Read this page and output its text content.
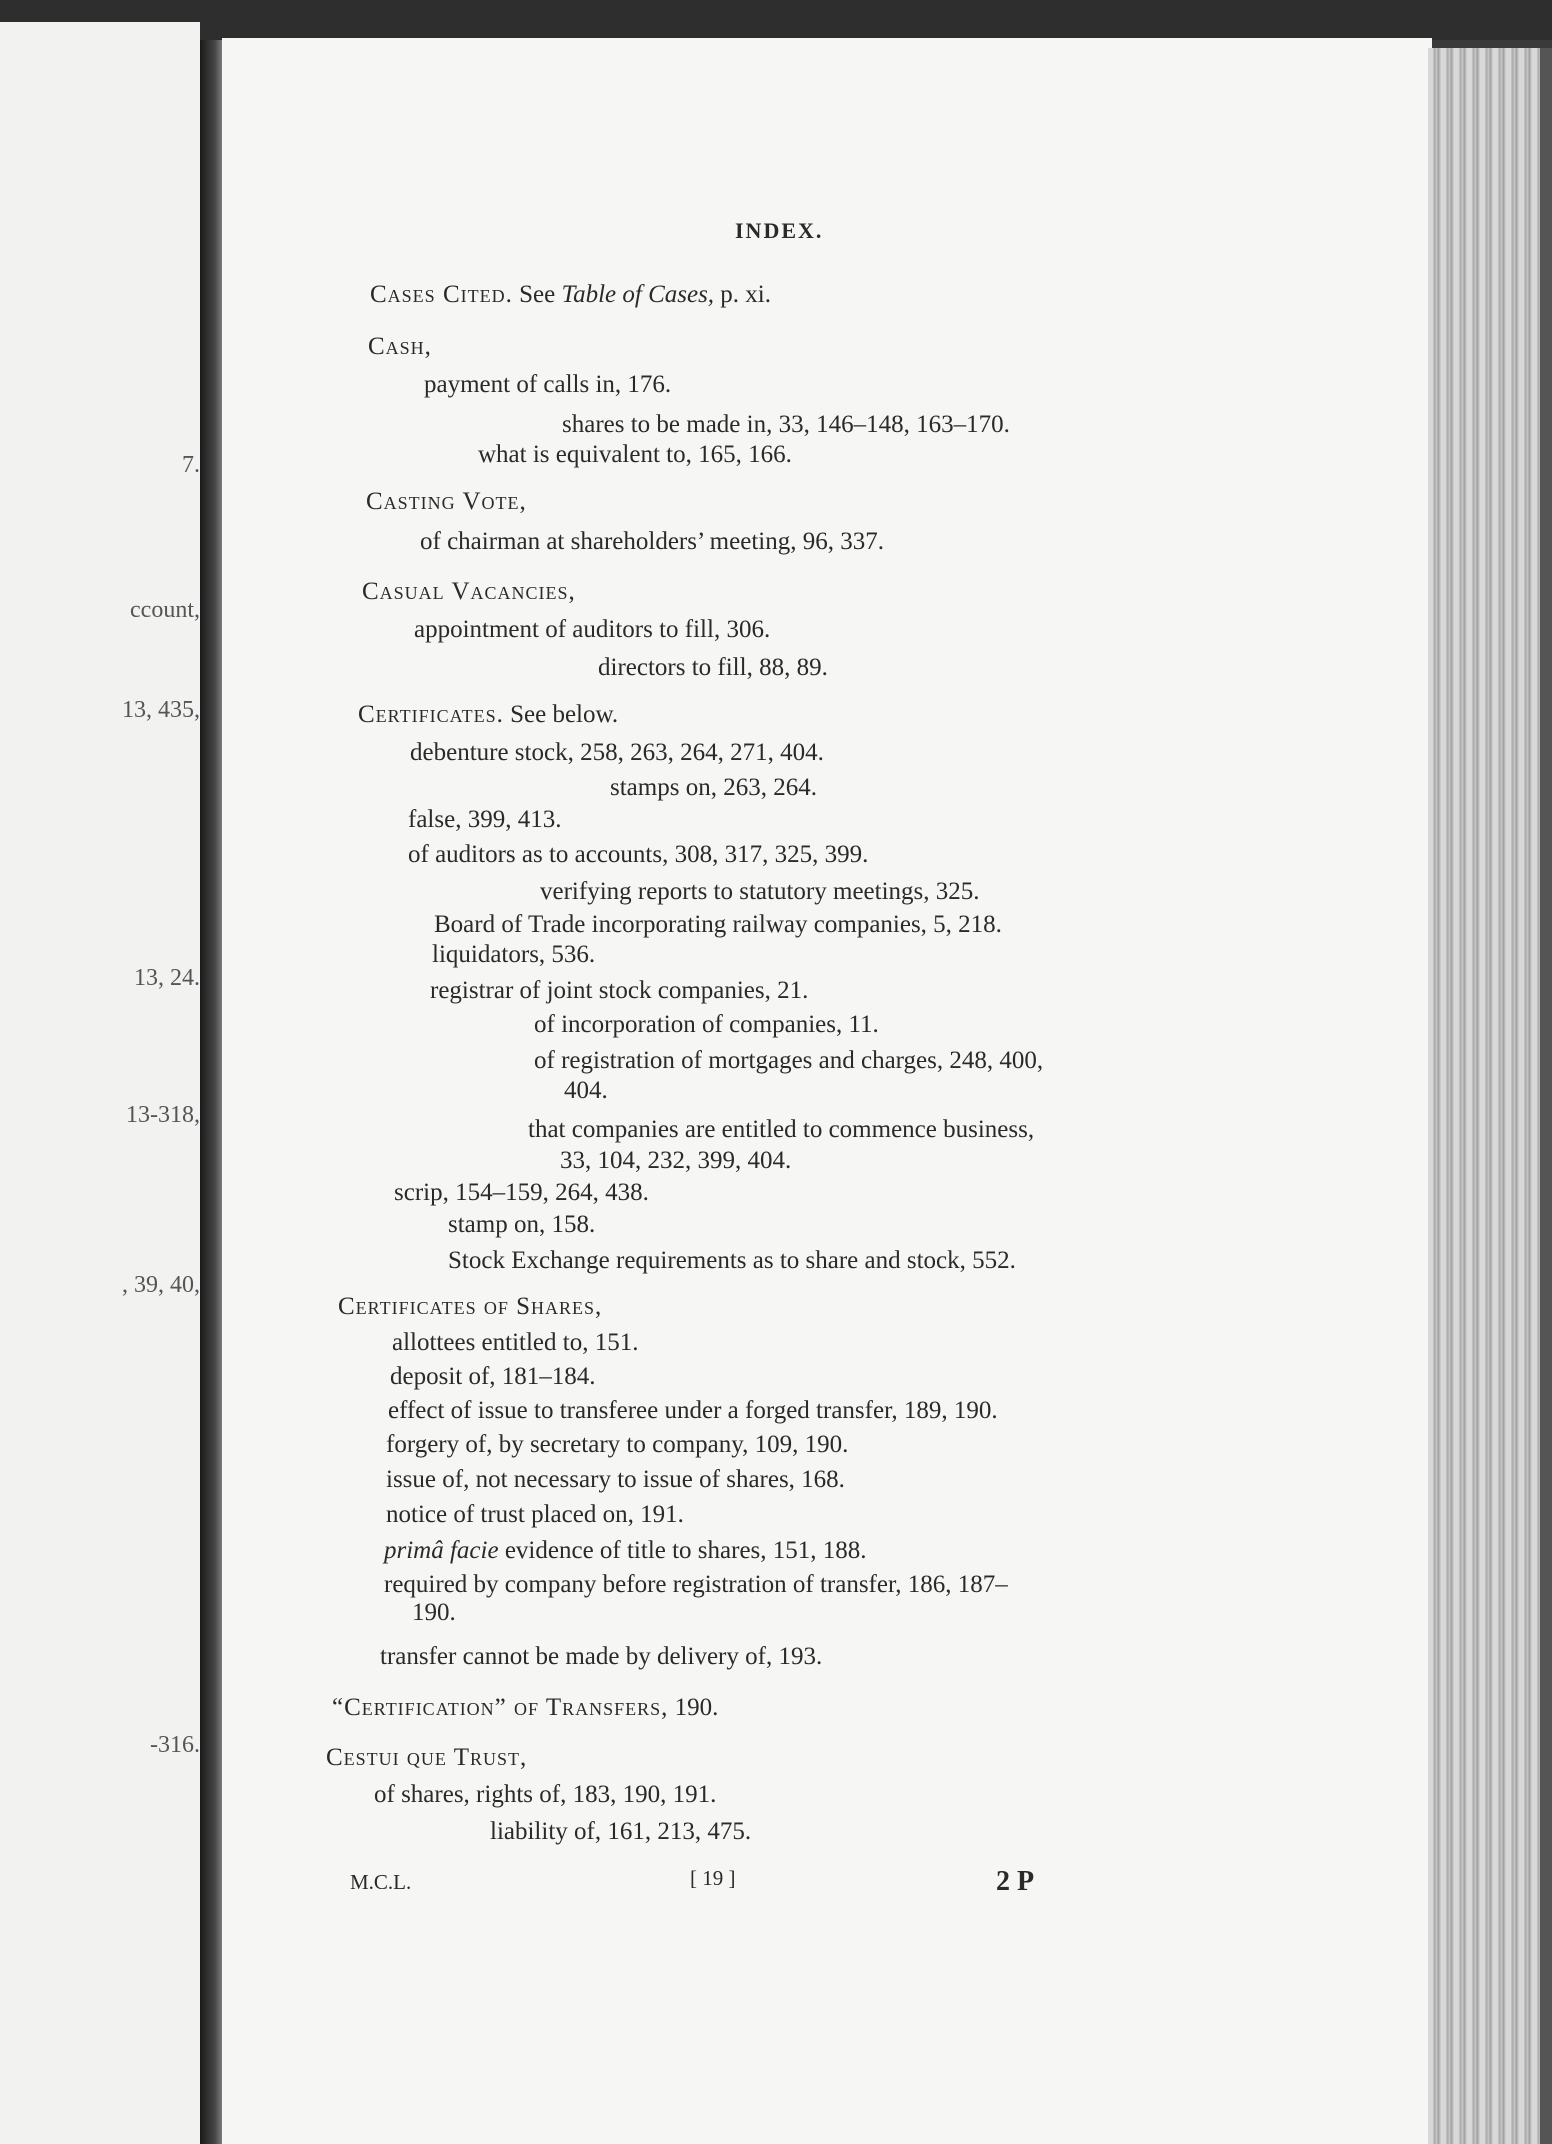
7.
ccount,
13, 435,
13, 24.
13-318,
, 39, 40,
-316.
INDEX.
Cases Cited. See Table of Cases, p. xi.
Cash,
payment of calls in, 176.
shares to be made in, 33, 146–148, 163–170.
what is equivalent to, 165, 166.
Casting Vote,
of chairman at shareholders’ meeting, 96, 337.
Casual Vacancies,
appointment of auditors to fill, 306.
directors to fill, 88, 89.
Certificates. See below.
debenture stock, 258, 263, 264, 271, 404.
stamps on, 263, 264.
false, 399, 413.
of auditors as to accounts, 308, 317, 325, 399.
verifying reports to statutory meetings, 325.
Board of Trade incorporating railway companies, 5, 218.
liquidators, 536.
registrar of joint stock companies, 21.
of incorporation of companies, 11.
of registration of mortgages and charges, 248, 400,
404.
that companies are entitled to commence business,
33, 104, 232, 399, 404.
scrip, 154–159, 264, 438.
stamp on, 158.
Stock Exchange requirements as to share and stock, 552.
Certificates of Shares,
allottees entitled to, 151.
deposit of, 181–184.
effect of issue to transferee under a forged transfer, 189, 190.
forgery of, by secretary to company, 109, 190.
issue of, not necessary to issue of shares, 168.
notice of trust placed on, 191.
primâ facie evidence of title to shares, 151, 188.
required by company before registration of transfer, 186, 187–
190.
transfer cannot be made by delivery of, 193.
“Certification” of Transfers, 190.
Cestui que Trust,
of shares, rights of, 183, 190, 191.
liability of, 161, 213, 475.
M.C.L.	[ 19 ]	2 P
